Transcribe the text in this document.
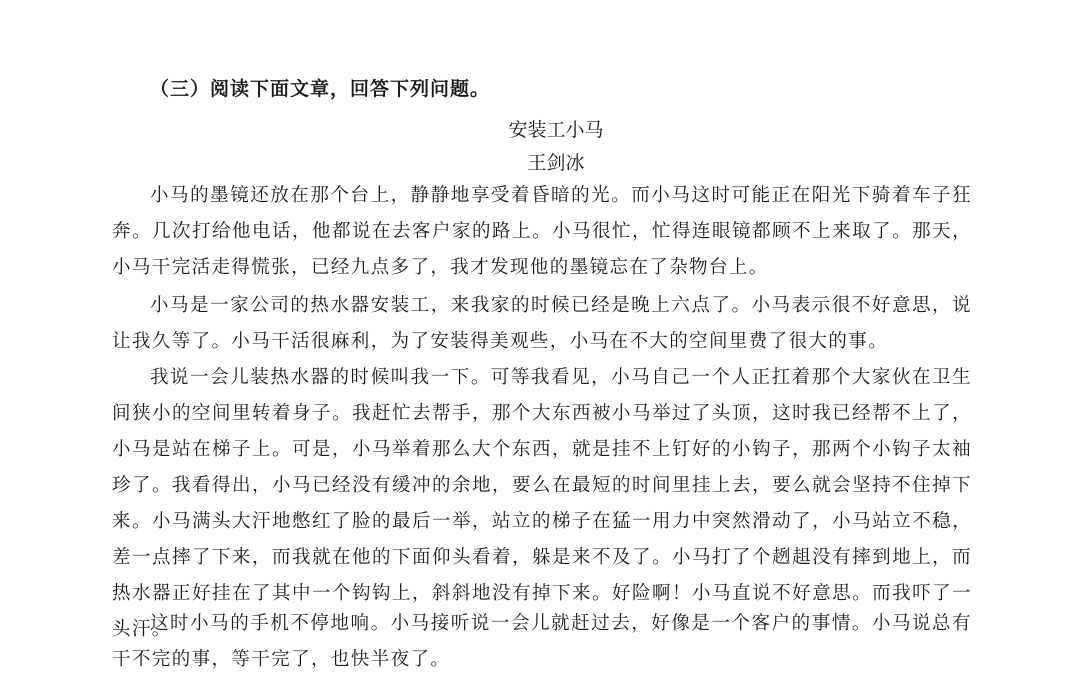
（三）阅读下面文章，回答下列问题。
安装工小马
王剑冰

小马的墨镜还放在那个台上，静静地享受着昏暗的光。而小马这时可能正在阳光下骑着车子狂奔。几次打给他电话，他都说在去客户家的路上。小马很忙，忙得连眼镜都顾不上来取了。那天，小马干完活走得慌张，已经九点多了，我才发现他的墨镜忘在了杂物台上。

小马是一家公司的热水器安装工，来我家的时候已经是晚上六点了。小马表示很不好意思，说让我久等了。小马干活很麻利，为了安装得美观些，小马在不大的空间里费了很大的事。

我说一会儿装热水器的时候叫我一下。可等我看见，小马自己一个人正扛着那个大家伙在卫生间狭小的空间里转着身子。我赶忙去帮手，那个大东西被小马举过了头顶，这时我已经帮不上了，小马是站在梯子上。可是，小马举着那么大个东西，就是挂不上钉好的小钩子，那两个小钩子太袖珍了。我看得出，小马已经没有缓冲的余地，要么在最短的时间里挂上去，要么就会坚持不住掉下来。小马满头大汗地憋红了脸的最后一举，站立的梯子在猛一用力中突然滑动了，小马站立不稳，差一点摔了下来，而我就在他的下面仰头看着，躲是来不及了。小马打了个趔趄没有摔到地上，而热水器正好挂在了其中一个钩钩上，斜斜地没有掉下来。好险啊！小马直说不好意思。而我吓了一头汗。

这时小马的手机不停地响。小马接听说一会儿就赶过去，好像是一个客户的事情。小马说总有干不完的事，等干完了，也快半夜了。
